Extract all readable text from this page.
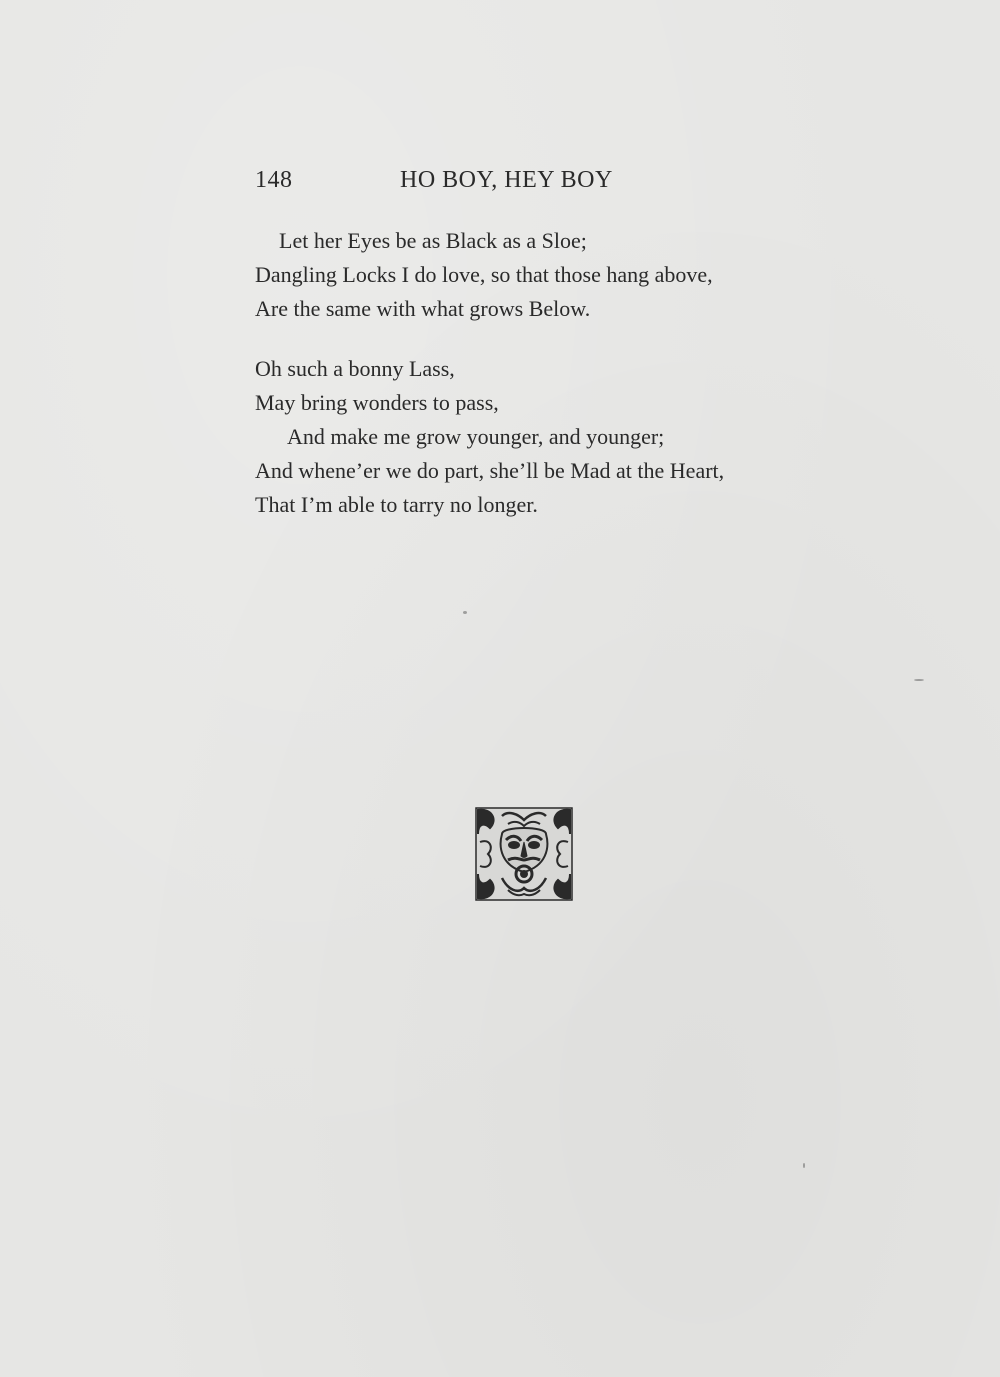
148	HO BOY, HEY BOY
Let her Eyes be as Black as a Sloe;
Dangling Locks I do love, so that those hang above,
Are the same with what grows Below.
Oh such a bonny Lass,
May bring wonders to pass,
And make me grow younger, and younger;
And whene’er we do part, she’ll be Mad at the Heart,
That I’m able to tarry no longer.
